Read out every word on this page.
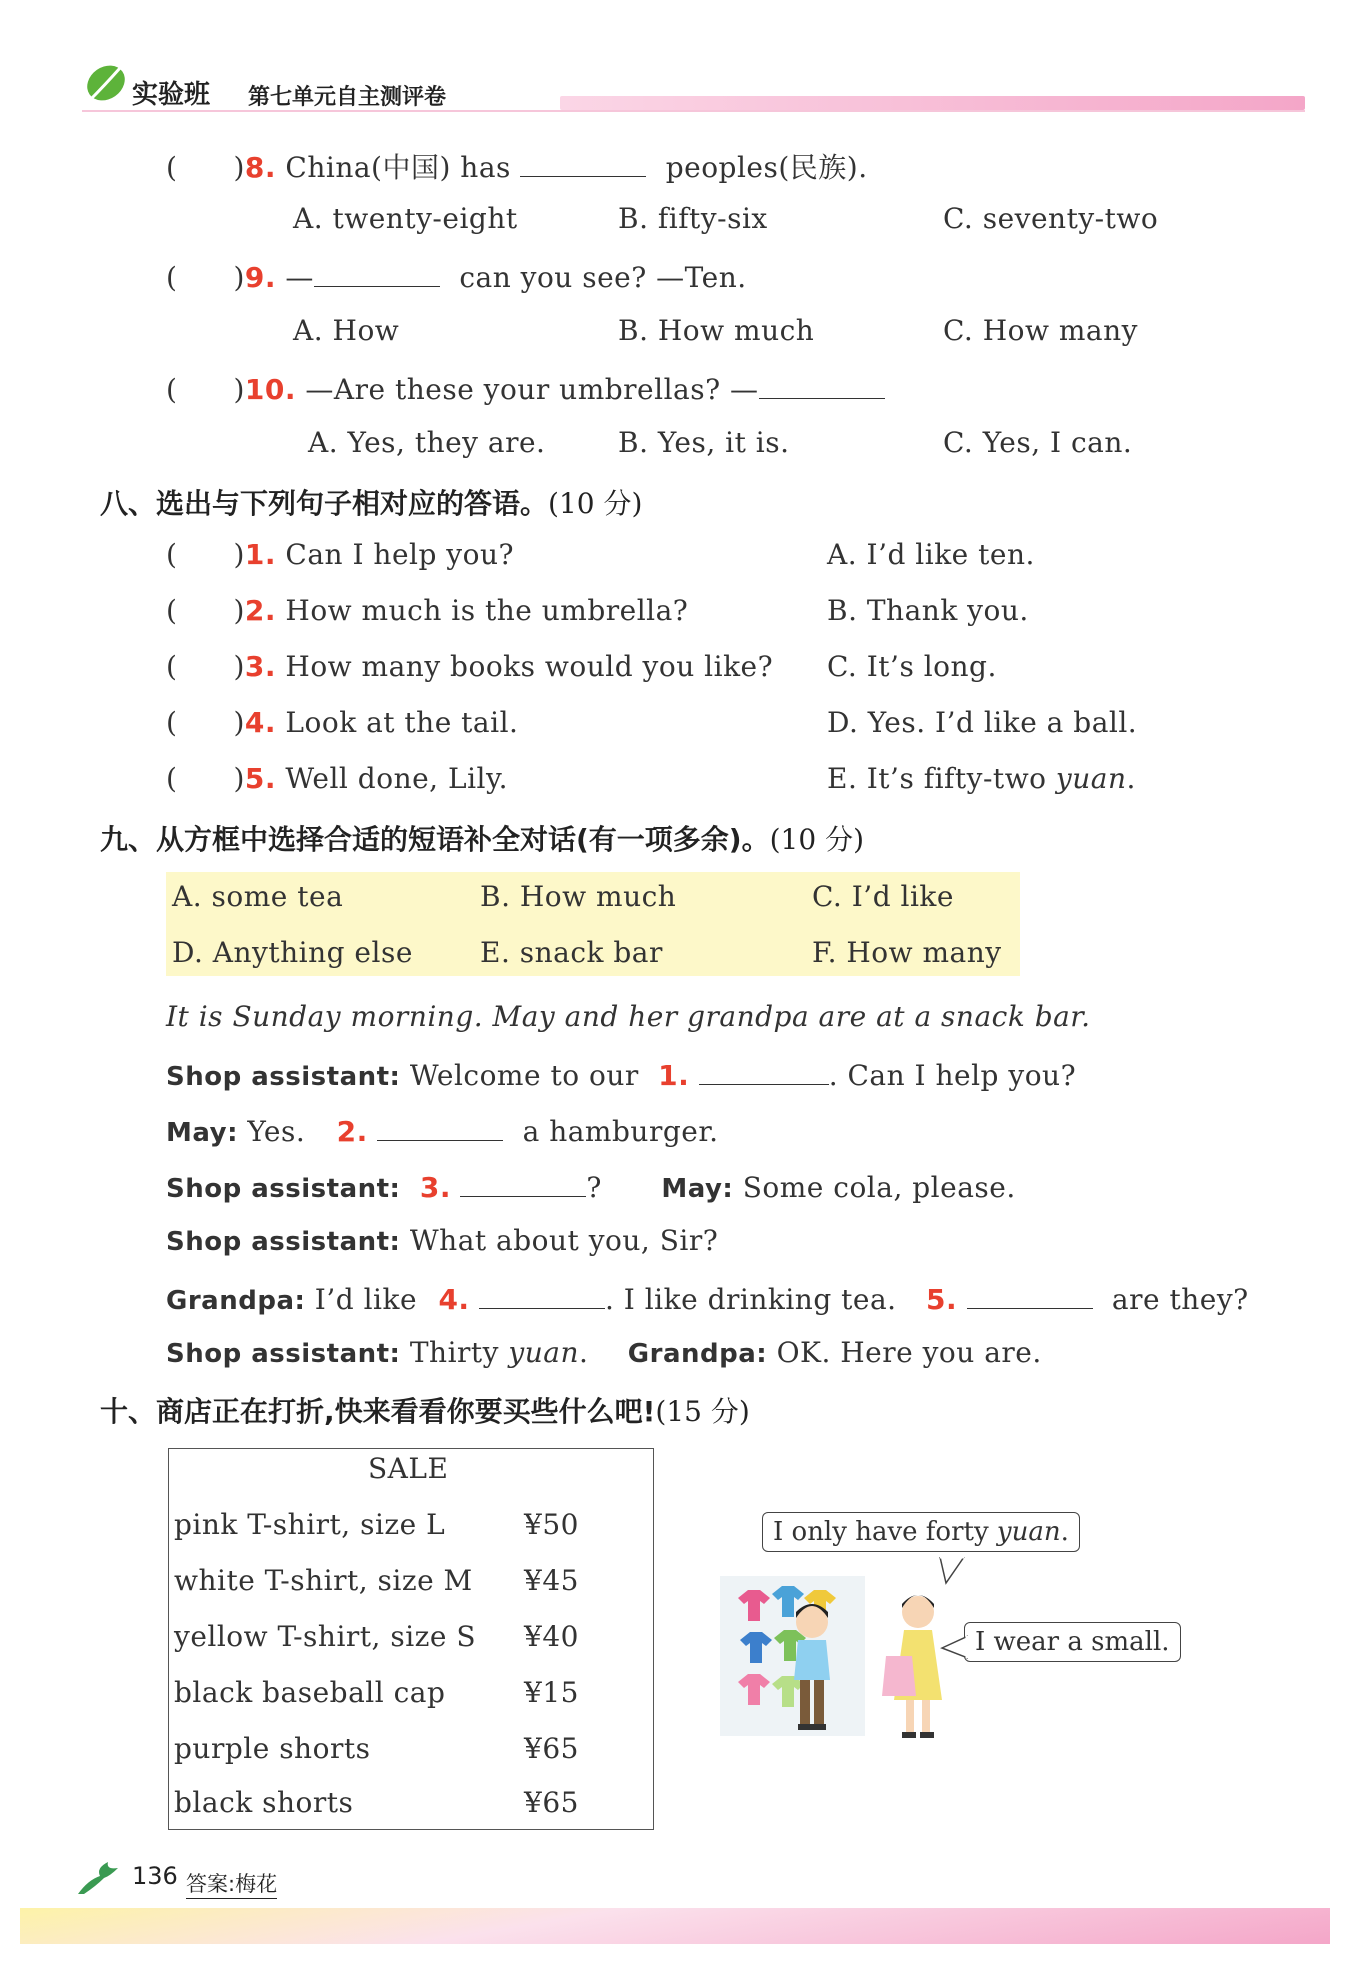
实验班 第七单元自主测评卷
( )8. China(中国) has	peoples(民族).
A. twenty-eight	B. fifty-six	C. seventy-two
( )9. —	can you see? —Ten.
A. How	B. How much	C. How many
( )10. —Are these your umbrellas? —
A. Yes, they are.	B. Yes, it is.	C. Yes, I can.
八、选出与下列句子相对应的答语。(10 分)
( )1. Can I help you?	A. I’d like ten.
( )2. How much is the umbrella?	B. Thank you.
( )3. How many books would you like? C. It’s long.
( )4. Look at the tail.	D. Yes. I’d like a ball.
( )5. Well done, Lily.	E. It’s fifty-two yuan.
九、从方框中选择合适的短语补全对话(有一项多余)。(10 分)
A. some tea	B. How much	C. I’d like
D. Anything else E. snack bar	F. How many
It is Sunday morning. May and her grandpa are at a snack bar.
Shop assistant: Welcome to our 1.	. Can I help you?
May: Yes. 2.	a hamburger.
Shop assistant: 3.	? May: Some cola, please.
Shop assistant: What about you, Sir?
Grandpa: I’d like 4.	. I like drinking tea. 5.	are they?
Shop assistant: Thirty yuan. Grandpa: OK. Here you are.
十、商店正在打折,快来看看你要买些什么吧!(15 分)
SALE
pink T-shirt, size L	¥50
white T-shirt, size M ¥45
yellow T-shirt, size S ¥40
black baseball cap	¥15
purple shorts	¥65
black shorts	¥65
I only have forty yuan.
I wear a small.
136 答案:梅花
